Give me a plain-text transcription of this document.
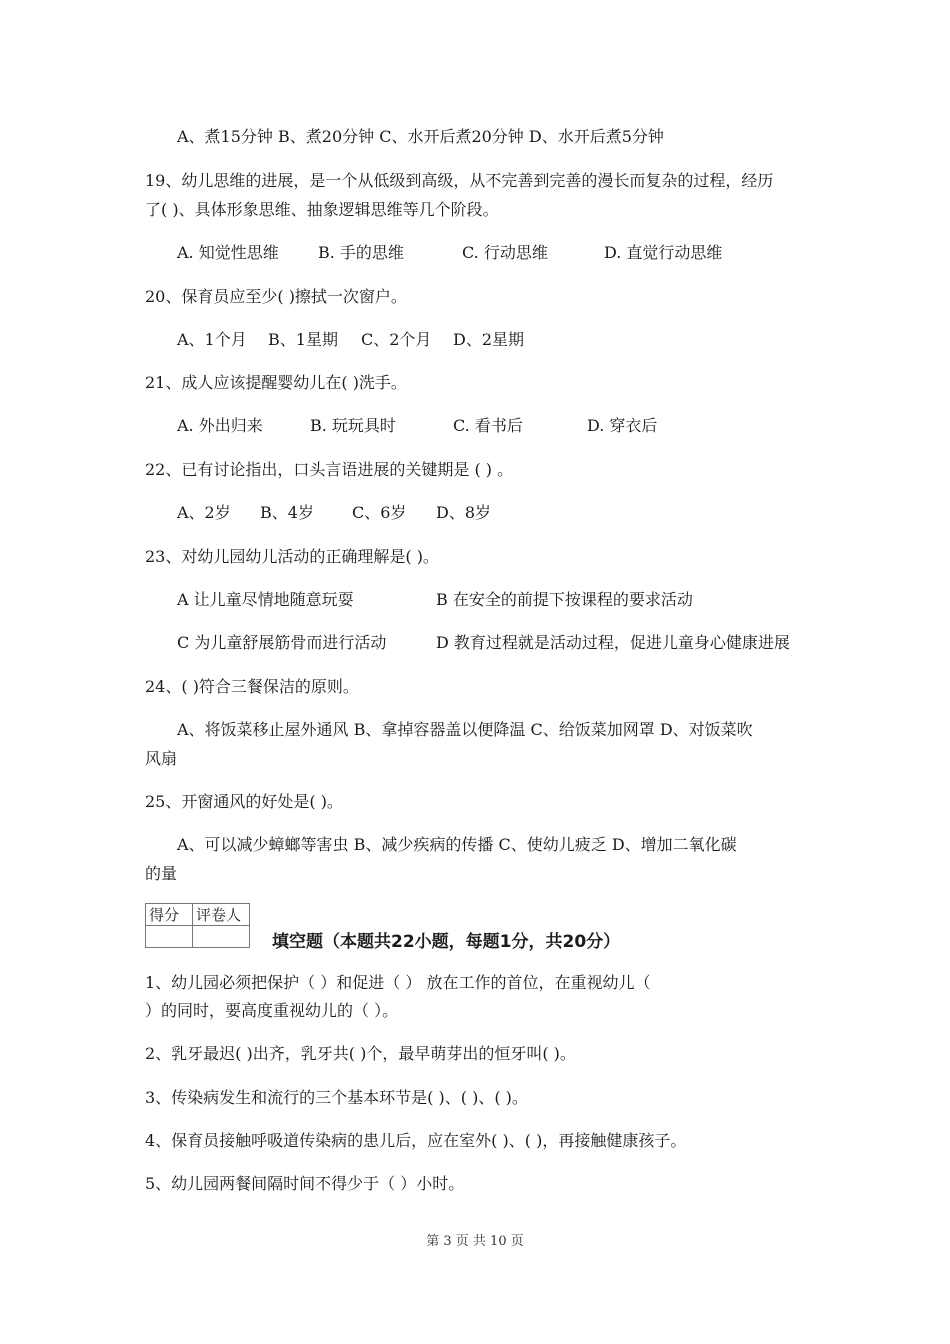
A、煮15分钟 B、煮20分钟 C、水开后煮20分钟 D、水开后煮5分钟
19、幼儿思维的进展，是一个从低级到高级，从不完善到完善的漫长而复杂的过程，经历
了( )、具体形象思维、抽象逻辑思维等几个阶段。
A. 知觉性思维 B. 手的思维	C. 行动思维	D. 直觉行动思维
20、保育员应至少( )擦拭一次窗户。
A、1个月 B、1星期 C、2个月 D、2星期
21、成人应该提醒婴幼儿在( )洗手。
A. 外出归来	B. 玩玩具时	C. 看书后	D. 穿衣后
22、已有讨论指出，口头言语进展的关键期是 ( ) 。
A、2岁 B、4岁 C、6岁 D、8岁
23、对幼儿园幼儿活动的正确理解是( )。
A 让儿童尽情地随意玩耍	B 在安全的前提下按课程的要求活动
C 为儿童舒展筋骨而进行活动	D 教育过程就是活动过程，促进儿童身心健康进展
24、( )符合三餐保洁的原则。
A、将饭菜移止屋外通风 B、拿掉容器盖以便降温 C、给饭菜加网罩 D、对饭菜吹
风扇
25、开窗通风的好处是( )。
A、可以减少蟑螂等害虫 B、减少疾病的传播 C、使幼儿疲乏 D、增加二氧化碳
的量
得分	评卷人

填空题（本题共22小题，每题1分，共20分）
1、幼儿园必须把保护（ ）和促进（ ） 放在工作的首位，在重视幼儿（
）的同时，要高度重视幼儿的（ ）。
2、乳牙最迟( )出齐，乳牙共( )个，最早萌芽出的恒牙叫( )。
3、传染病发生和流行的三个基本环节是( )、( )、( )。
4、保育员接触呼吸道传染病的患儿后，应在室外( )、( )，再接触健康孩子。
5、幼儿园两餐间隔时间不得少于（ ）小时。
第 3 页 共 10 页
